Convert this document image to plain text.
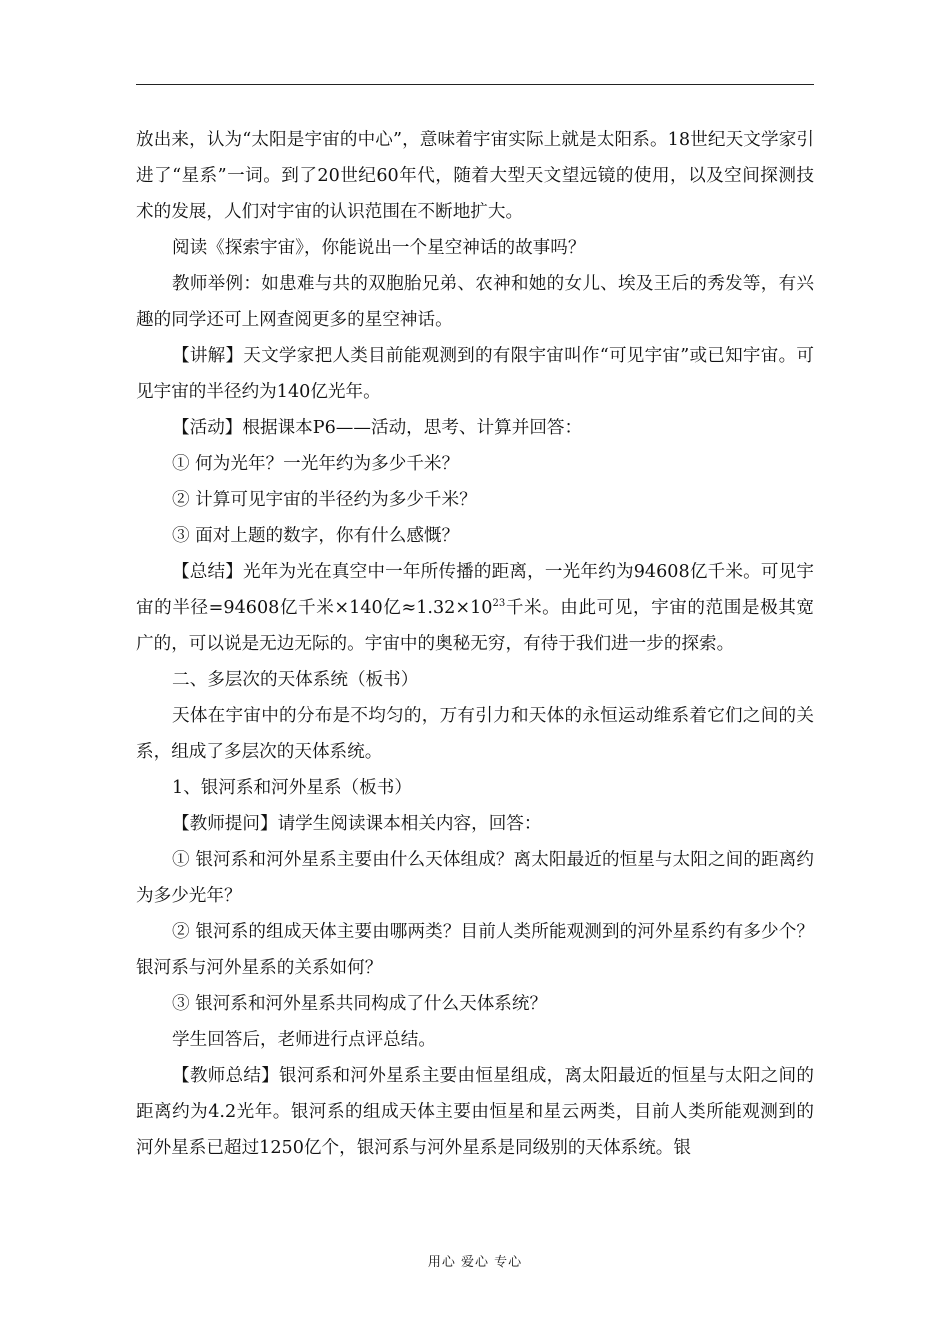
放出来，认为“太阳是宇宙的中心”，意味着宇宙实际上就是太阳系。18世纪天文学家引进了“星系”一词。到了20世纪60年代，随着大型天文望远镜的使用，以及空间探测技术的发展，人们对宇宙的认识范围在不断地扩大。

阅读《探索宇宙》，你能说出一个星空神话的故事吗？

教师举例：如患难与共的双胞胎兄弟、农神和她的女儿、埃及王后的秀发等，有兴趣的同学还可上网查阅更多的星空神话。

【讲解】天文学家把人类目前能观测到的有限宇宙叫作“可见宇宙”或已知宇宙。可见宇宙的半径约为140亿光年。

【活动】根据课本P6——活动，思考、计算并回答：

① 何为光年？一光年约为多少千米？

② 计算可见宇宙的半径约为多少千米？

③ 面对上题的数字，你有什么感慨？

【总结】光年为光在真空中一年所传播的距离，一光年约为94608亿千米。可见宇宙的半径=94608亿千米×140亿$\approx 1.32\times 10^{23}$千米。由此可见，宇宙的范围是极其宽广的，可以说是无边无际的。宇宙中的奥秘无穷，有待于我们进一步的探索。

二、多层次的天体系统（板书）

天体在宇宙中的分布是不均匀的，万有引力和天体的永恒运动维系着它们之间的关系，组成了多层次的天体系统。

1、银河系和河外星系（板书）

【教师提问】请学生阅读课本相关内容，回答：

① 银河系和河外星系主要由什么天体组成？离太阳最近的恒星与太阳之间的距离约为多少光年？

② 银河系的组成天体主要由哪两类？目前人类所能观测到的河外星系约有多少个？银河系与河外星系的关系如何？

③ 银河系和河外星系共同构成了什么天体系统？

学生回答后，老师进行点评总结。

【教师总结】银河系和河外星系主要由恒星组成，离太阳最近的恒星与太阳之间的距离约为4.2光年。银河系的组成天体主要由恒星和星云两类，目前人类所能观测到的河外星系已超过1250亿个，银河系与河外星系是同级别的天体系统。银

用心 爱心 专心
